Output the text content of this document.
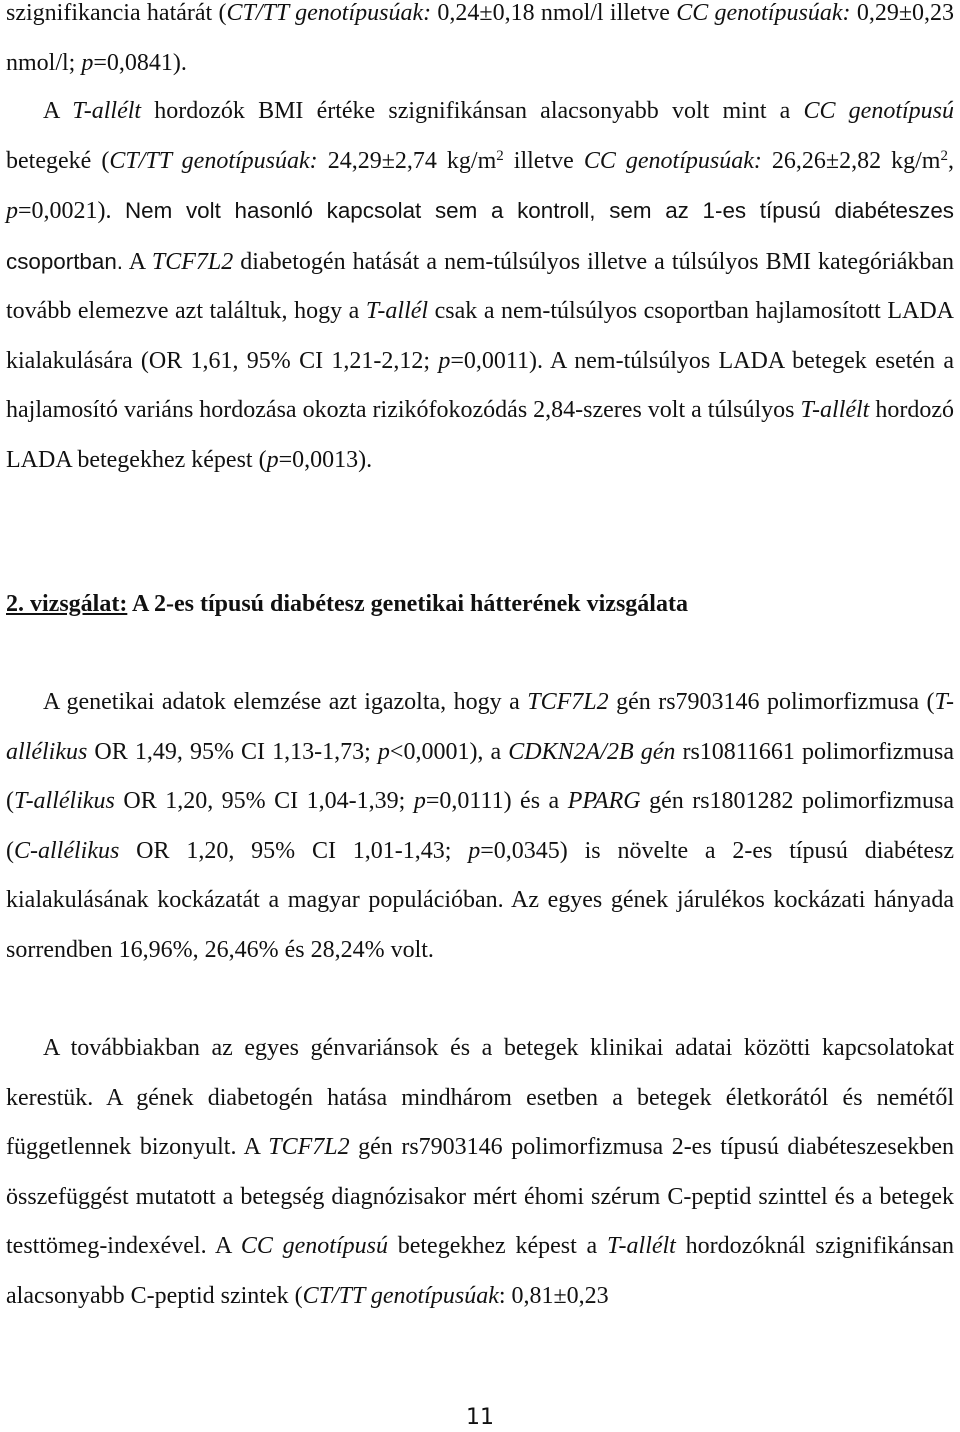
szignifikancia határát (CT/TT genotípusúak: 0,24±0,18 nmol/l illetve CC genotípusúak: 0,29±0,23 nmol/l; p=0,0841).
A T-allélt hordozók BMI értéke szignifikánsan alacsonyabb volt mint a CC genotípusú betegeké (CT/TT genotípusúak: 24,29±2,74 $kg/m^2$ illetve CC genotípusúak: 26,26±2,82 $kg/m^2$, p=0,0021). Nem volt hasonló kapcsolat sem a kontroll, sem az 1-es típusú diabéteszes csoportban. A TCF7L2 diabetogén hatását a nem-túlsúlyos illetve a túlsúlyos BMI kategóriákban tovább elemezve azt találtuk, hogy a T-allél csak a nem-túlsúlyos csoportban hajlamosított LADA kialakulására (OR 1,61, 95% CI 1,21-2,12; p=0,0011). A nem-túlsúlyos LADA betegek esetén a hajlamosító variáns hordozása okozta rizikófokozódás 2,84-szeres volt a túlsúlyos T-allélt hordozó LADA betegekhez képest (p=0,0013).
2. vizsgálat: A 2-es típusú diabétesz genetikai hátterének vizsgálata
A genetikai adatok elemzése azt igazolta, hogy a TCF7L2 gén rs7903146 polimorfizmusa (T-allélikus OR 1,49, 95% CI 1,13-1,73; p<0,0001), a CDKN2A/2B gén rs10811661 polimorfizmusa (T-allélikus OR 1,20, 95% CI 1,04-1,39; p=0,0111) és a PPARG gén rs1801282 polimorfizmusa (C-allélikus OR 1,20, 95% CI 1,01-1,43; p=0,0345) is növelte a 2-es típusú diabétesz kialakulásának kockázatát a magyar populációban. Az egyes gének járulékos kockázati hányada sorrendben 16,96%, 26,46% és 28,24% volt.
A továbbiakban az egyes génvariánsok és a betegek klinikai adatai közötti kapcsolatokat kerestük. A gének diabetogén hatása mindhárom esetben a betegek életkorától és nemétől függetlennek bizonyult. A TCF7L2 gén rs7903146 polimorfizmusa 2-es típusú diabéteszesekben összefüggést mutatott a betegség diagnózisakor mért éhomi szérum C-peptid szinttel és a betegek testtömeg-indexével. A CC genotípusú betegekhez képest a T-allélt hordozóknál szignifikánsan alacsonyabb C-peptid szintek (CT/TT genotípusúak: 0,81±0,23
11
